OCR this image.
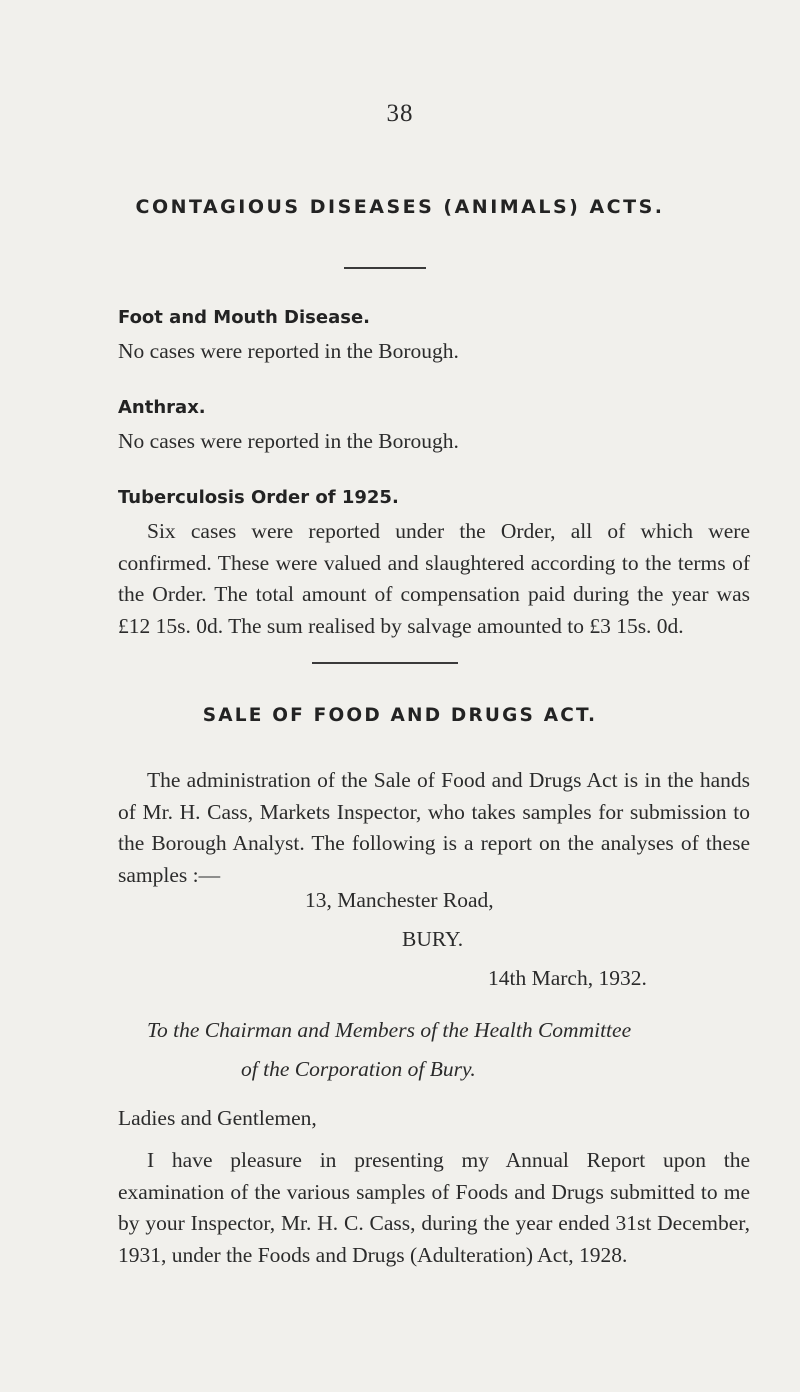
38
CONTAGIOUS DISEASES (ANIMALS) ACTS.
Foot and Mouth Disease.

No cases were reported in the Borough.

Anthrax.

No cases were reported in the Borough.

Tuberculosis Order of 1925.

Six cases were reported under the Order, all of which were confirmed. These were valued and slaughtered according to the terms of the Order. The total amount of compensation paid during the year was £12 15s. 0d. The sum realised by salvage amounted to £3 15s. 0d.

SALE OF FOOD AND DRUGS ACT.

The administration of the Sale of Food and Drugs Act is in the hands of Mr. H. Cass, Markets Inspector, who takes samples for submission to the Borough Analyst. The following is a report on the analyses of these samples :—

13, Manchester Road,

BURY.

14th March, 1932.

To the Chairman and Members of the Health Committee

of the Corporation of Bury.

Ladies and Gentlemen,

I have pleasure in presenting my Annual Report upon the examination of the various samples of Foods and Drugs submitted to me by your Inspector, Mr. H. C. Cass, during the year ended 31st December, 1931, under the Foods and Drugs (Adulteration) Act, 1928.
